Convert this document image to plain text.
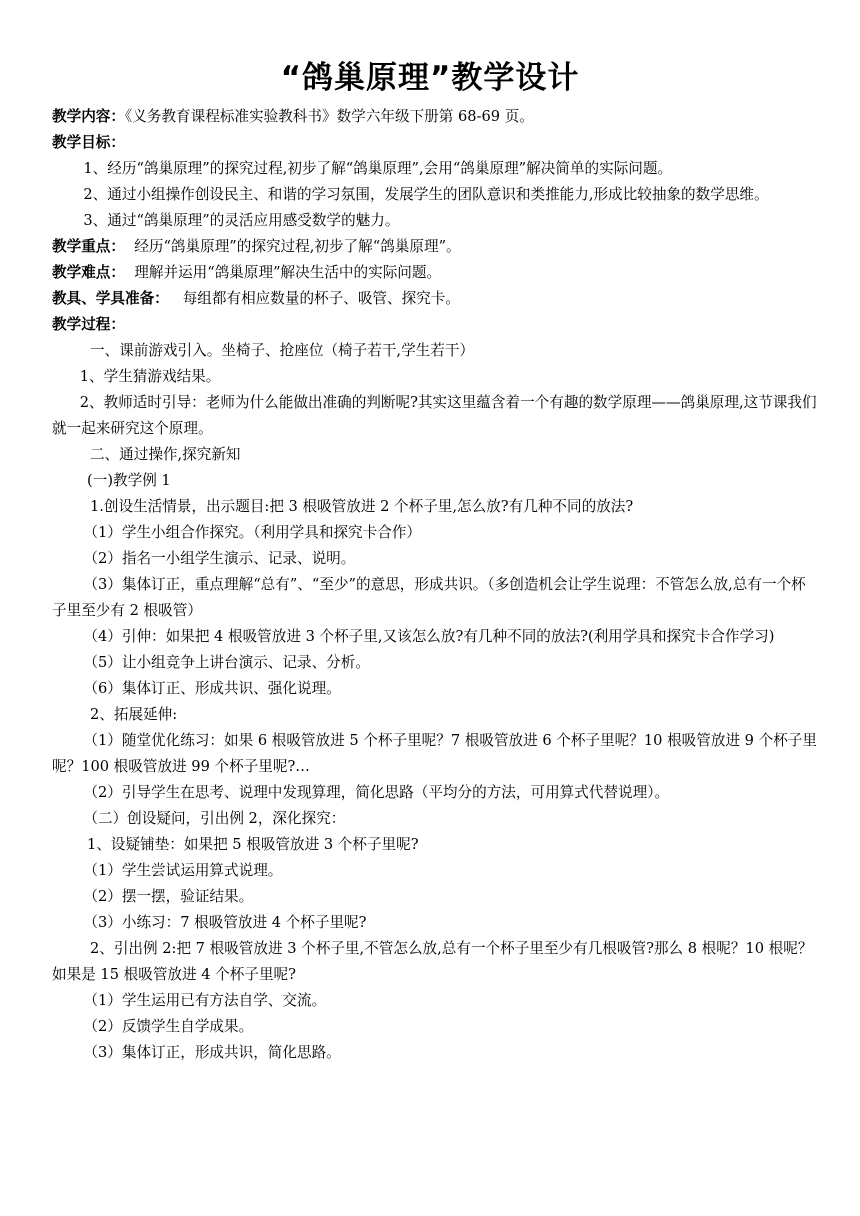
“鸽巢原理”教学设计

教学内容：《义务教育课程标准实验教科书》数学六年级下册第 68-69 页。

教学目标：

1、经历“鸽巢原理”的探究过程,初步了解“鸽巢原理”,会用“鸽巢原理”解决简单的实际问题。

2、通过小组操作创设民主、和谐的学习氛围，发展学生的团队意识和类推能力,形成比较抽象的数学思维。

3、通过“鸽巢原理”的灵活应用感受数学的魅力。

教学重点： 经历“鸽巢原理”的探究过程,初步了解“鸽巢原理”。

教学难点： 理解并运用“鸽巢原理”解决生活中的实际问题。

教具、学具准备： 每组都有相应数量的杯子、吸管、探究卡。

教学过程：

一、课前游戏引入。坐椅子、抢座位（椅子若干,学生若干）

1、学生猜游戏结果。

2、教师适时引导：老师为什么能做出准确的判断呢?其实这里蕴含着一个有趣的数学原理——鸽巢原理,这节课我们就一起来研究这个原理。

二、通过操作,探究新知

(一)教学例 1

1.创设生活情景，出示题目:把 3 根吸管放进 2 个杯子里,怎么放?有几种不同的放法?

（1）学生小组合作探究。（利用学具和探究卡合作）

（2）指名一小组学生演示、记录、说明。

（3）集体订正，重点理解“总有”、“至少”的意思，形成共识。（多创造机会让学生说理：不管怎么放,总有一个杯子里至少有 2 根吸管）

（4）引伸：如果把 4 根吸管放进 3 个杯子里,又该怎么放?有几种不同的放法?(利用学具和探究卡合作学习)

（5）让小组竞争上讲台演示、记录、分析。

（6）集体订正、形成共识、强化说理。

2、拓展延伸:

（1）随堂优化练习：如果 6 根吸管放进 5 个杯子里呢？7 根吸管放进 6 个杯子里呢？10 根吸管放进 9 个杯子里呢？100 根吸管放进 99 个杯子里呢?…

（2）引导学生在思考、说理中发现算理，简化思路（平均分的方法，可用算式代替说理）。

（二）创设疑问，引出例 2，深化探究：

1、设疑铺垫：如果把 5 根吸管放进 3 个杯子里呢?

（1）学生尝试运用算式说理。

（2）摆一摆，验证结果。

（3）小练习：7 根吸管放进 4 个杯子里呢?

2、引出例 2:把 7 根吸管放进 3 个杯子里,不管怎么放,总有一个杯子里至少有几根吸管?那么 8 根呢？10 根呢？如果是 15 根吸管放进 4 个杯子里呢?

（1）学生运用已有方法自学、交流。

（2）反馈学生自学成果。

（3）集体订正，形成共识，简化思路。
